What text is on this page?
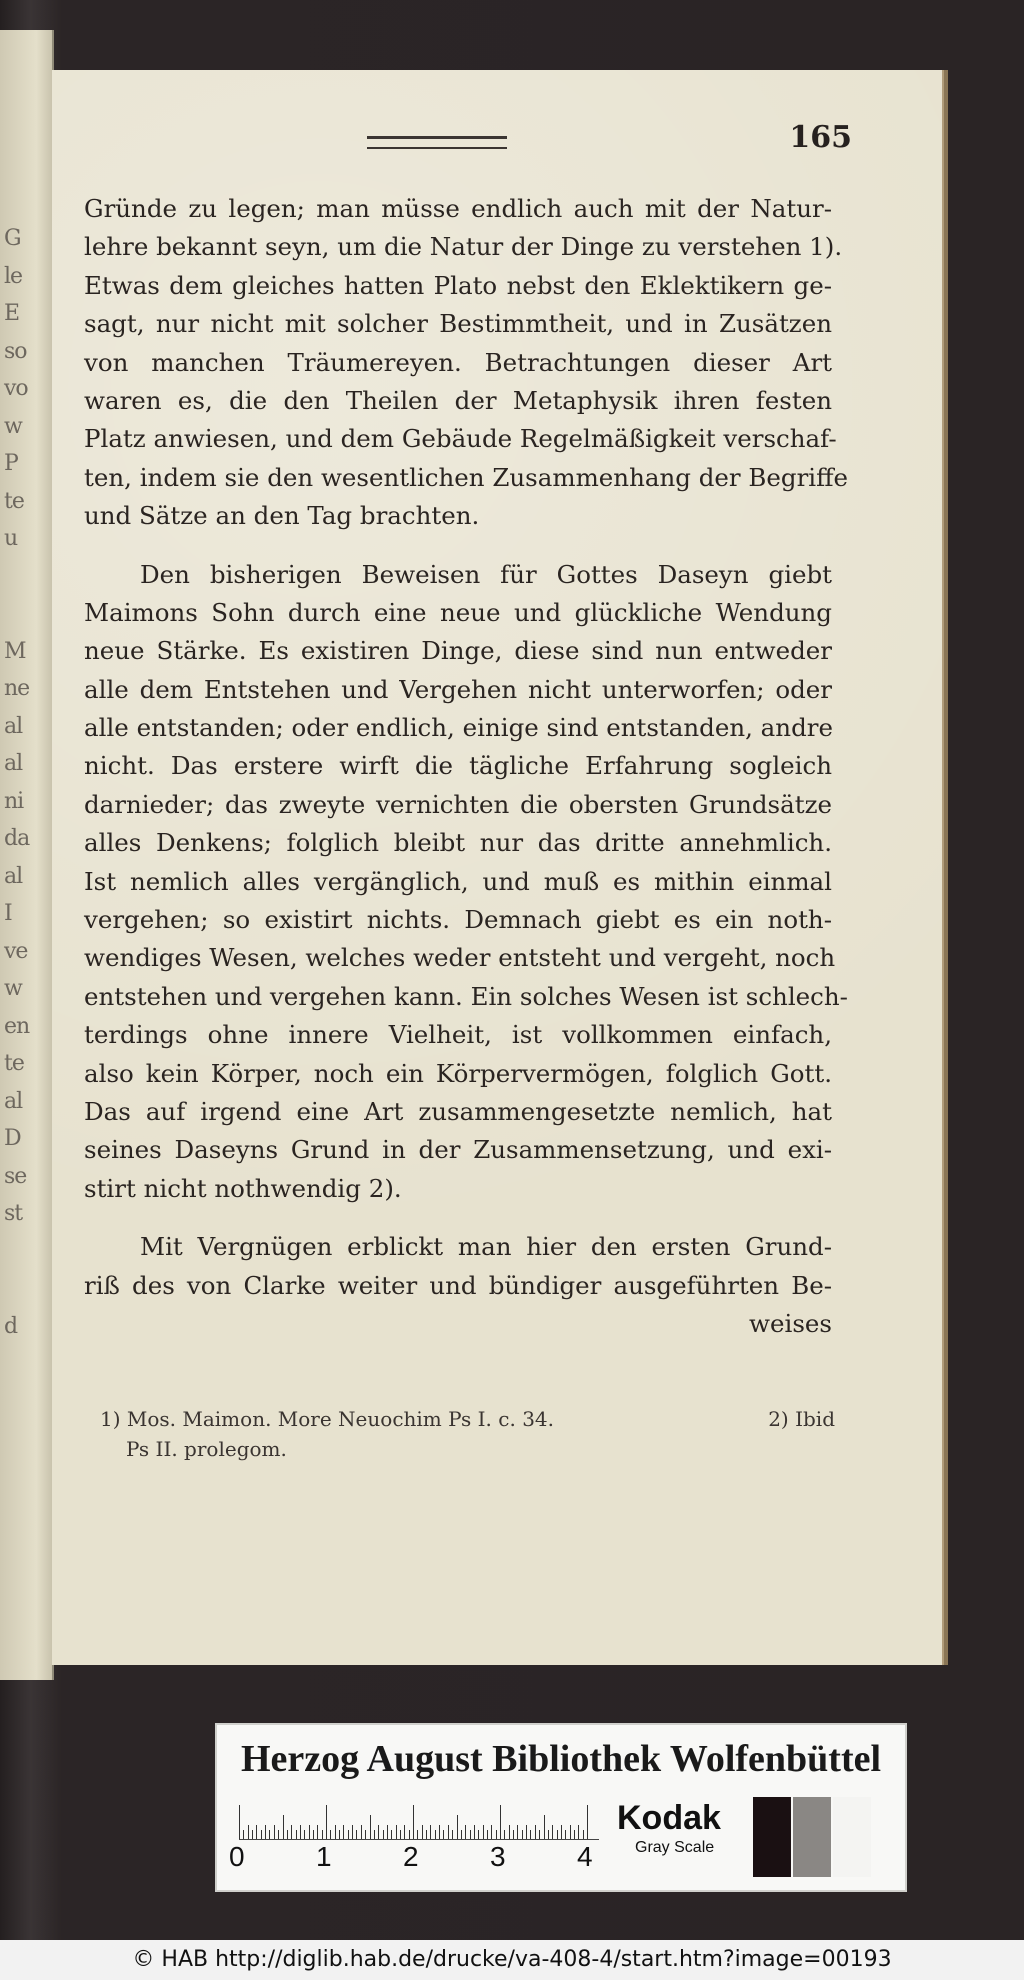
G
le
E
so
vo
w
P
te
u

M
ne
al
al
ni
da
al
I
ve
w
en
te
al
D
se
st

d
165
Gründe zu legen; man müsse endlich auch mit der Natur-
lehre bekannt seyn, um die Natur der Dinge zu verstehen 1).
Etwas dem gleiches hatten Plato nebst den Eklektikern ge-
sagt, nur nicht mit solcher Bestimmtheit, und in Zusätzen
von manchen Träumereyen. Betrachtungen dieser Art
waren es, die den Theilen der Metaphysik ihren festen
Platz anwiesen, und dem Gebäude Regelmäßigkeit verschaf-
ten, indem sie den wesentlichen Zusammenhang der Begriffe
und Sätze an den Tag brachten.
Den bisherigen Beweisen für Gottes Daseyn giebt
Maimons Sohn durch eine neue und glückliche Wendung
neue Stärke. Es existiren Dinge, diese sind nun entweder
alle dem Entstehen und Vergehen nicht unterworfen; oder
alle entstanden; oder endlich, einige sind entstanden, andre
nicht. Das erstere wirft die tägliche Erfahrung sogleich
darnieder; das zweyte vernichten die obersten Grundsätze
alles Denkens; folglich bleibt nur das dritte annehmlich.
Ist nemlich alles vergänglich, und muß es mithin einmal
vergehen; so existirt nichts. Demnach giebt es ein noth-
wendiges Wesen, welches weder entsteht und vergeht, noch
entstehen und vergehen kann. Ein solches Wesen ist schlech-
terdings ohne innere Vielheit, ist vollkommen einfach,
also kein Körper, noch ein Körpervermögen, folglich Gott.
Das auf irgend eine Art zusammengesetzte nemlich, hat
seines Daseyns Grund in der Zusammensetzung, und exi-
stirt nicht nothwendig 2).
Mit Vergnügen erblickt man hier den ersten Grund-
riß des von Clarke weiter und bündiger ausgeführten Be-
weises
1) Mos. Maimon. More Neuochim Ps I. c. 34.	2) Ibid
Ps II. prolegom.
Herzog August Bibliothek Wolfenbüttel
0	1	2	3	4
Kodak
Gray Scale
© HAB http://diglib.hab.de/drucke/va-408-4/start.htm?image=00193
